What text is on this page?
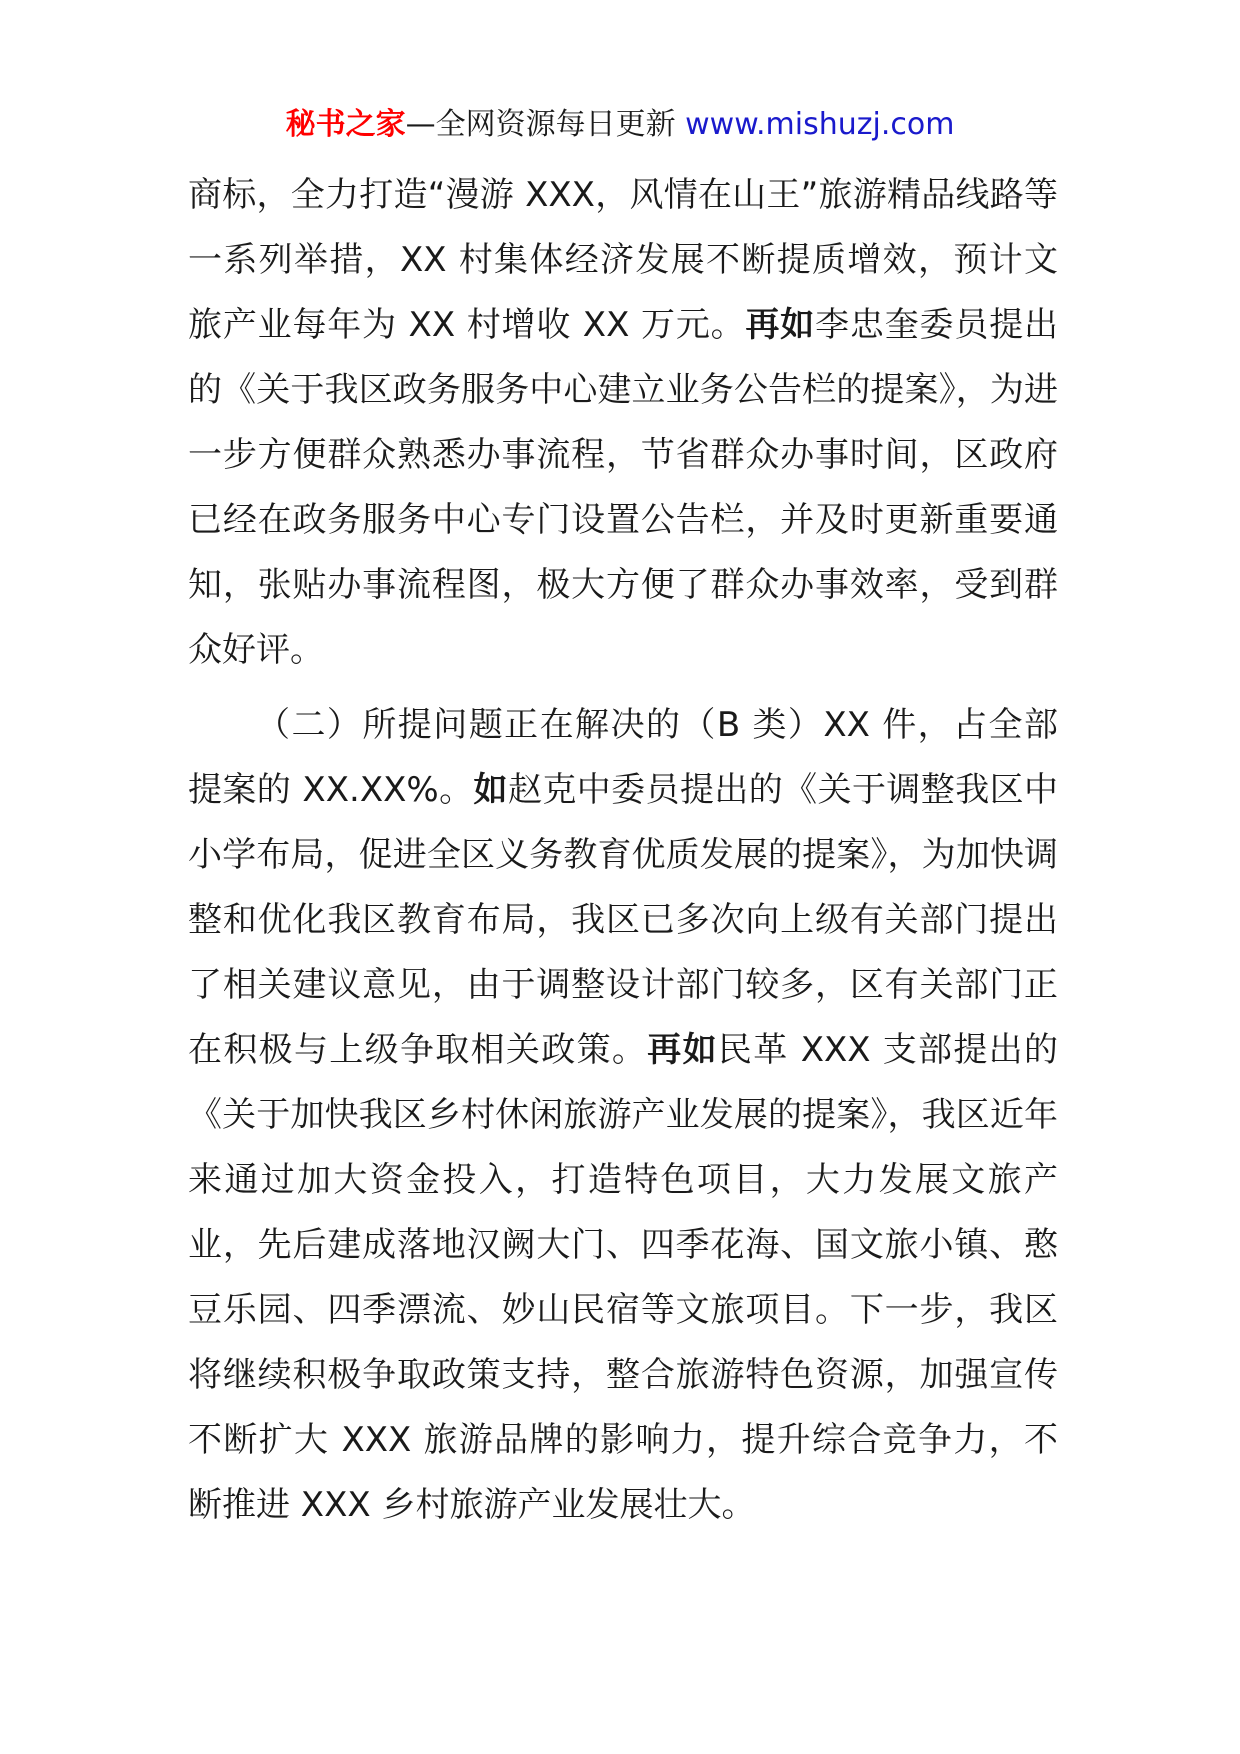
秘书之家—全网资源每日更新 www.mishuzj.com

商标，全力打造“漫游 XXX，风情在山王”旅游精品线路等一系列举措，XX 村集体经济发展不断提质增效，预计文旅产业每年为 XX 村增收 XX 万元。再如李忠奎委员提出的《关于我区政务服务中心建立业务公告栏的提案》，为进一步方便群众熟悉办事流程，节省群众办事时间，区政府已经在政务服务中心专门设置公告栏，并及时更新重要通知，张贴办事流程图，极大方便了群众办事效率，受到群众好评。

（二）所提问题正在解决的（B 类）XX 件，占全部提案的 XX.XX%。如赵克中委员提出的《关于调整我区中小学布局，促进全区义务教育优质发展的提案》，为加快调整和优化我区教育布局，我区已多次向上级有关部门提出了相关建议意见，由于调整设计部门较多，区有关部门正在积极与上级争取相关政策。再如民革 XXX 支部提出的《关于加快我区乡村休闲旅游产业发展的提案》，我区近年来通过加大资金投入，打造特色项目，大力发展文旅产业，先后建成落地汉阙大门、四季花海、国文旅小镇、憨豆乐园、四季漂流、妙山民宿等文旅项目。下一步，我区将继续积极争取政策支持，整合旅游特色资源，加强宣传不断扩大 XXX 旅游品牌的影响力，提升综合竞争力，不断推进 XXX 乡村旅游产业发展壮大。
